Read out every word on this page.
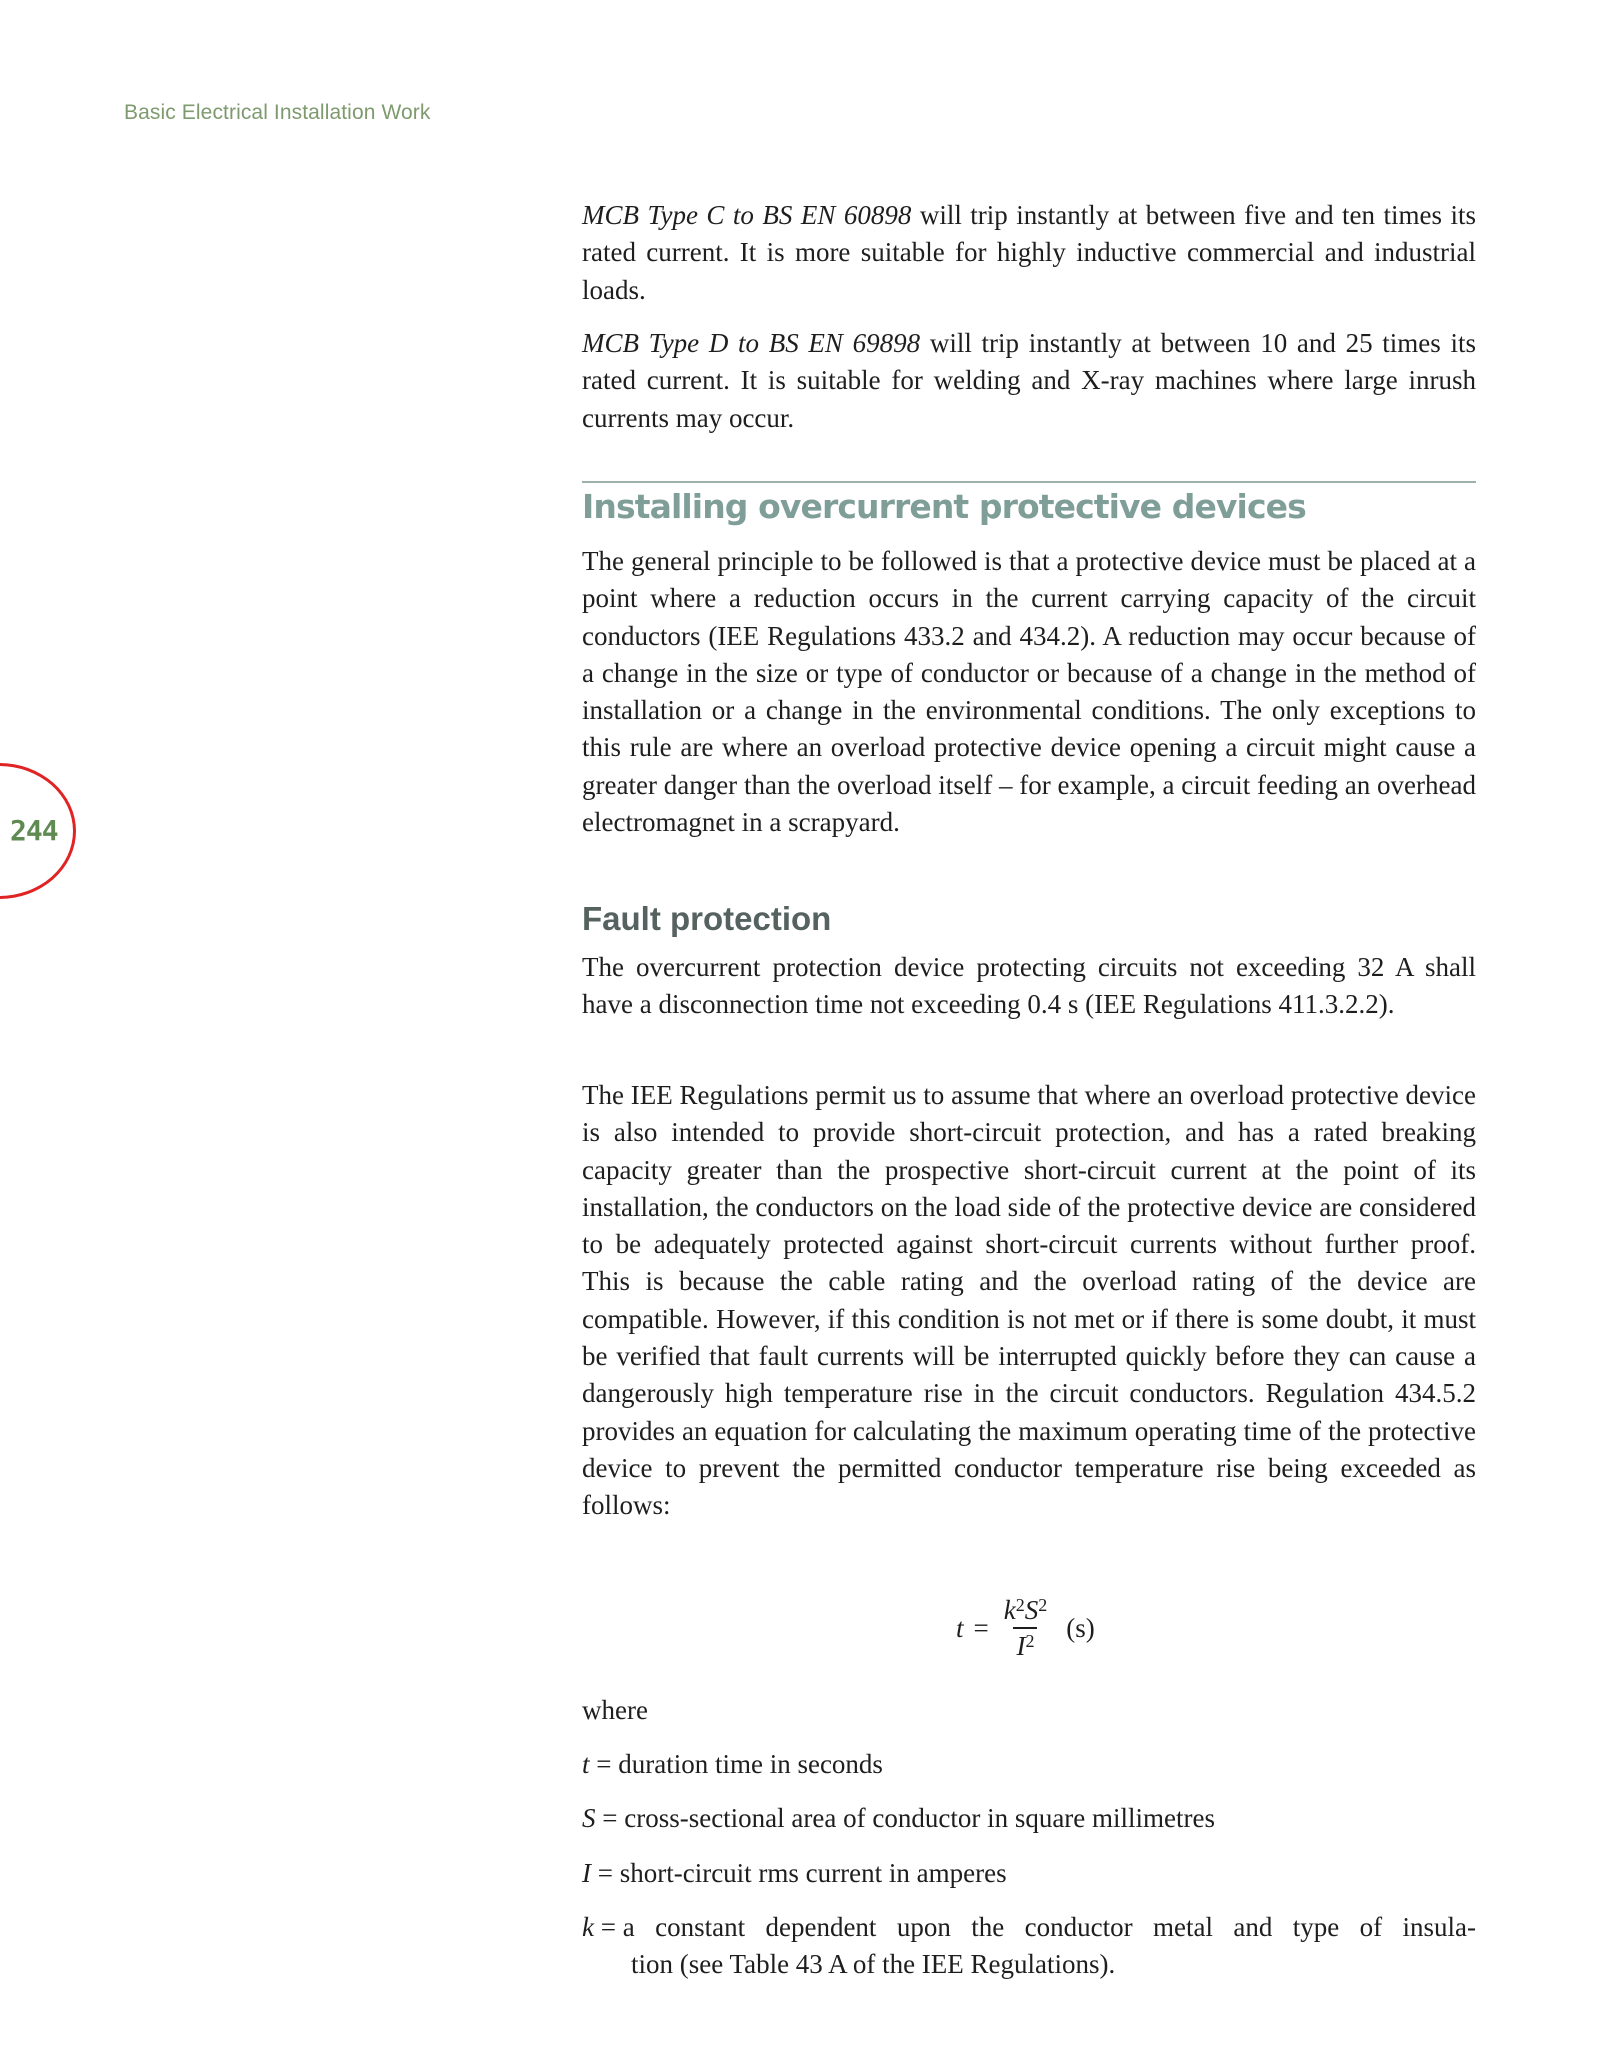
Basic Electrical Installation Work
244

MCB Type C to BS EN 60898 will trip instantly at between five and ten times its rated current. It is more suitable for highly inductive commercial and industrial loads.

MCB Type D to BS EN 69898 will trip instantly at between 10 and 25 times its rated current. It is suitable for welding and X-ray machines where large inrush currents may occur.

Installing overcurrent protective devices

The general principle to be followed is that a protective device must be placed at a point where a reduction occurs in the current carrying capacity of the circuit conductors (IEE Regulations 433.2 and 434.2). A reduction may occur because of a change in the size or type of conductor or because of a change in the method of installation or a change in the environmental conditions. The only exceptions to this rule are where an overload protective device opening a circuit might cause a greater danger than the overload itself – for example, a circuit feeding an overhead electromagnet in a scrapyard.

Fault protection

The overcurrent protection device protecting circuits not exceeding 32 A shall have a disconnection time not exceeding 0.4 s (IEE Regulations 411.3.2.2).

The IEE Regulations permit us to assume that where an overload protective device is also intended to provide short-circuit protection, and has a rated breaking capacity greater than the prospective short-circuit current at the point of its installation, the conductors on the load side of the protective device are considered to be adequately protected against short-circuit currents without further proof. This is because the cable rating and the overload rating of the device are compatible. However, if this condition is not met or if there is some doubt, it must be verified that fault currents will be interrupted quickly before they can cause a dangerously high temperature rise in the circuit conductors. Regulation 434.5.2 provides an equation for calculating the maximum operating time of the protective device to prevent the permitted conductor temperature rise being exceeded as follows:

$t = \frac{k^2S^2}{I^2} (s)$
where
t = duration time in seconds
S = cross-sectional area of conductor in square millimetres
I = short-circuit rms current in amperes
k = a constant dependent upon the conductor metal and type of insula-
tion (see Table 43 A of the IEE Regulations).
